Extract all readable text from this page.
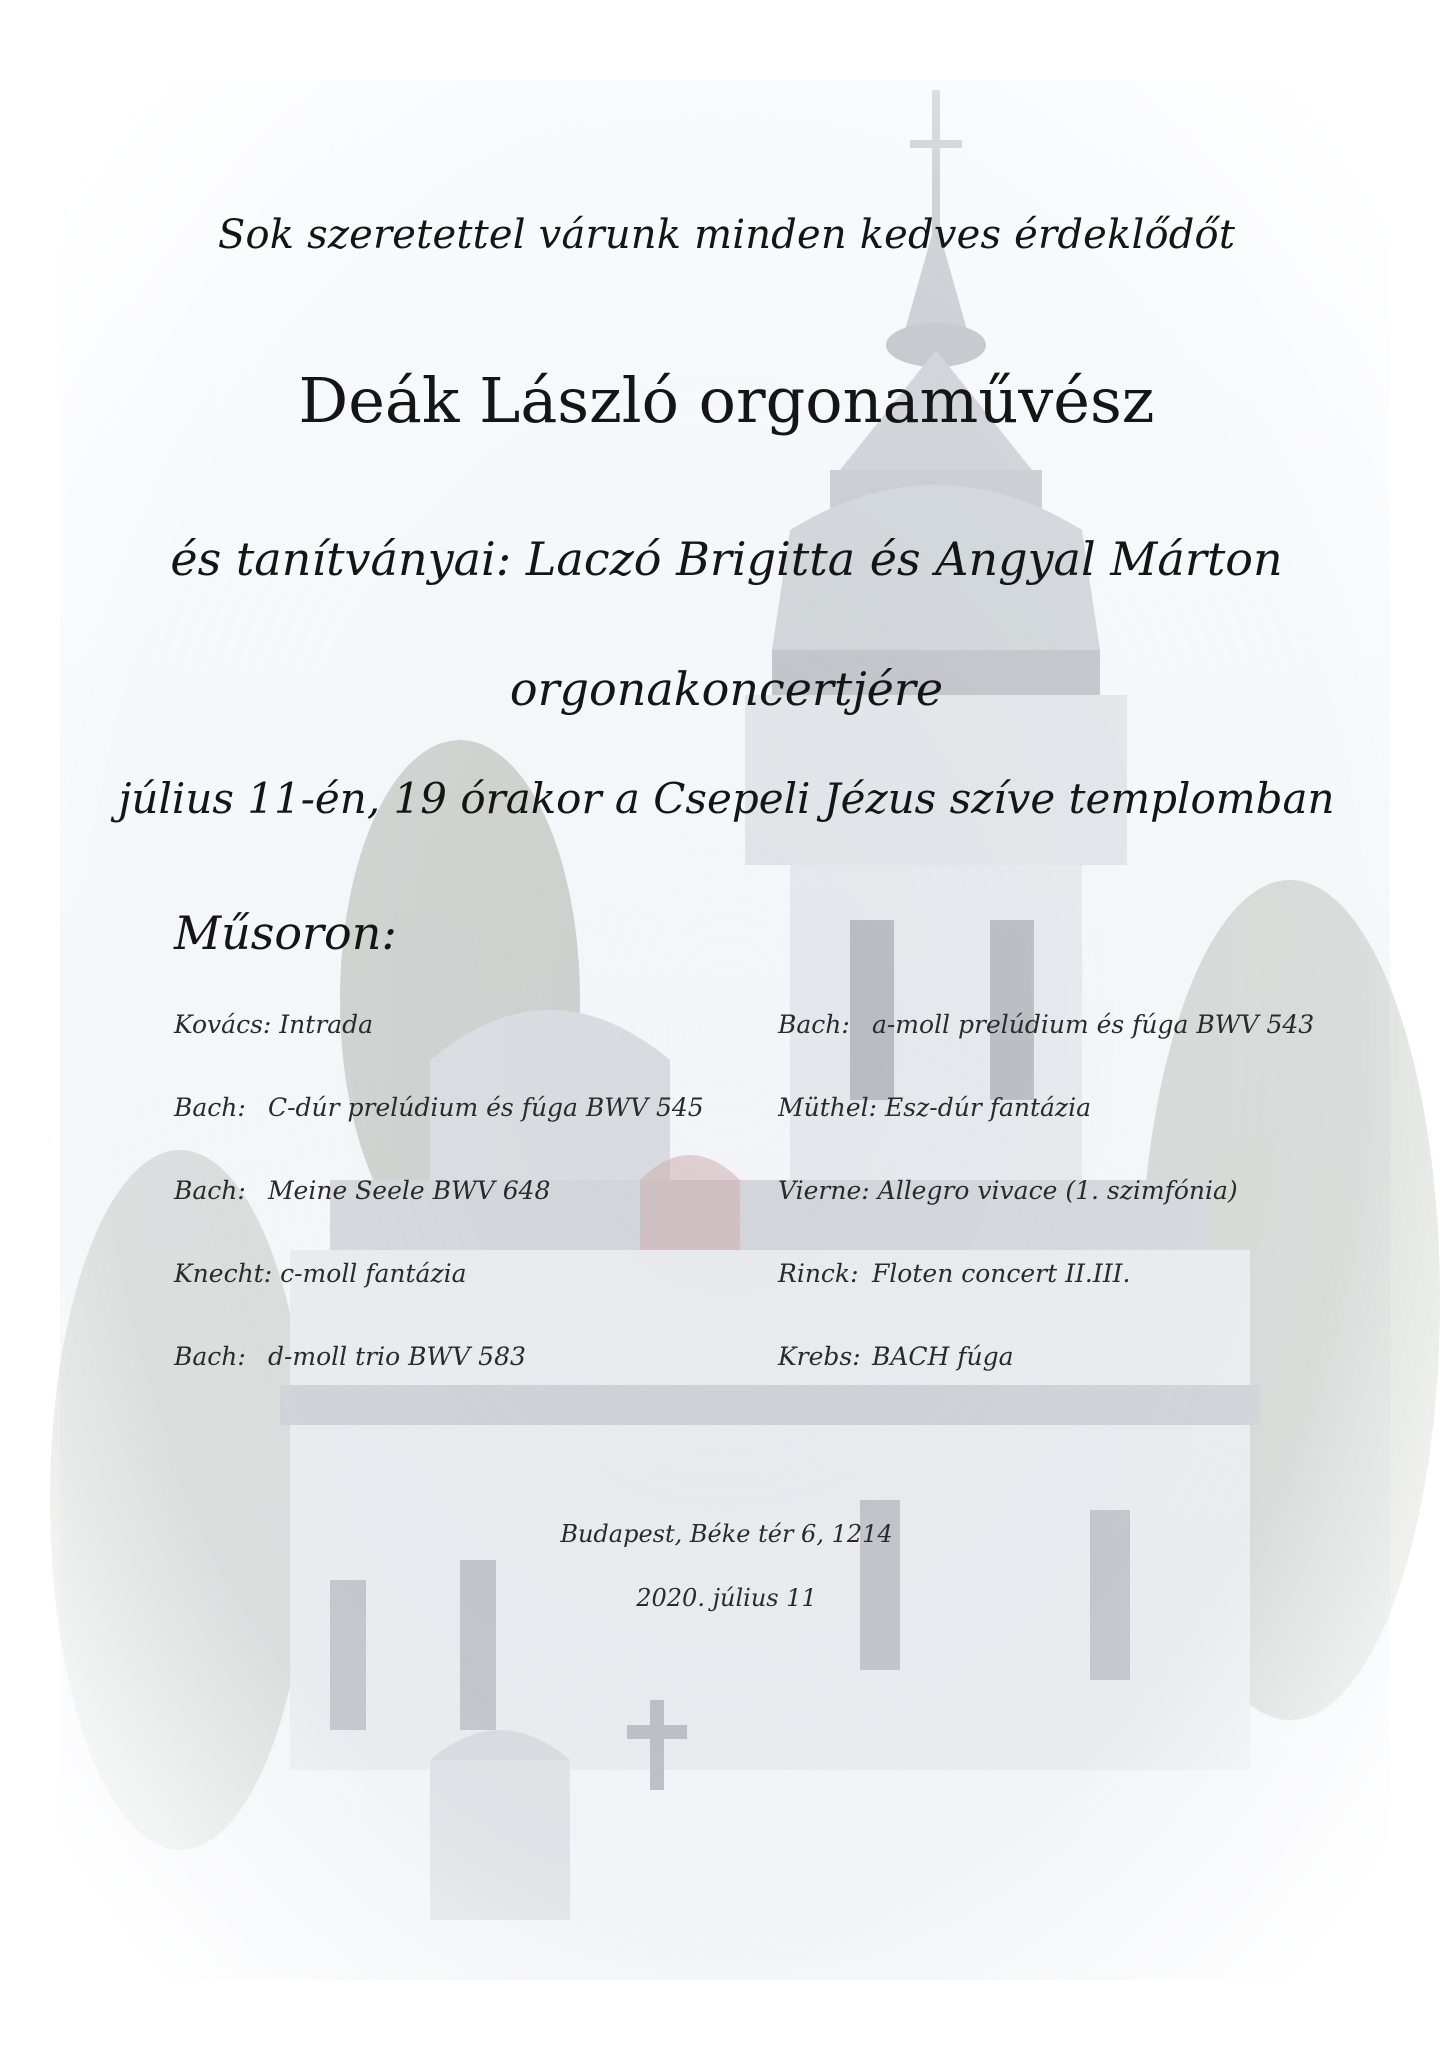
Sok szeretettel várunk minden kedves érdeklődőt
Deák László orgonaművész
és tanítványai: Laczó Brigitta és Angyal Márton
orgonakoncertjére
július 11-én, 19 órakor a Csepeli Jézus szíve templomban
Műsoron:
Kovács: Intrada
Bach: C-dúr prelúdium és fúga BWV 545
Bach: Meine Seele BWV 648
Knecht: c-moll fantázia
Bach: d-moll trio BWV 583
Bach: a-moll prelúdium és fúga BWV 543
Müthel: Esz-dúr fantázia
Vierne: Allegro vivace (1. szimfónia)
Rinck: Floten concert II.III.
Krebs: BACH fúga
Budapest, Béke tér 6, 1214
2020. július 11
